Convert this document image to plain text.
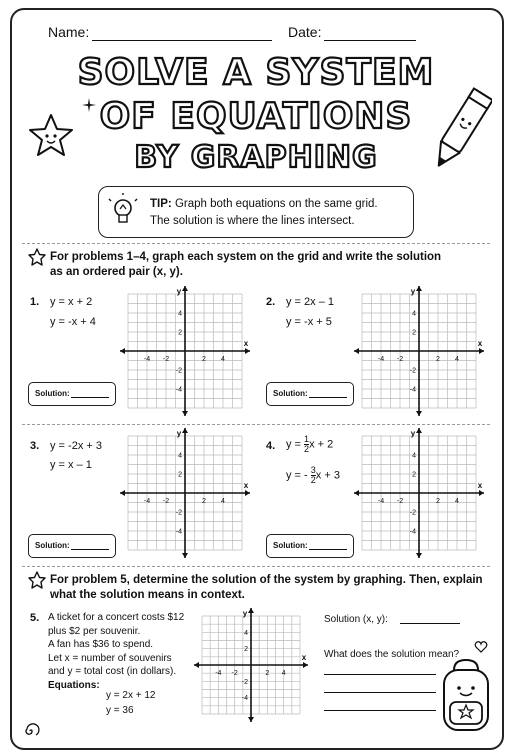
Name:	Date:
SOLVE A SYSTEM
OF EQUATIONS
BY GRAPHING
TIP: Graph both equations on the same grid.
The solution is where the lines intersect.
For problems 1–4, graph each system on the grid and write the solution
as an ordered pair (x, y).
1. y = x + 2
y = -x + 4
Solution:
-4 -2	2 4
4
2
-2
-4
x
y
2. y = 2x – 1
y = -x + 5
Solution:
-4 -2	2 4
4
2
-2
-4
x
y
3. y = -2x + 3
y = x – 1
Solution:
-4 -2	2 4
4
2
-2
-4
x
y
4. $y = \frac{1}{2}x + 2$
y = - $\frac{3}{2}x + 3$
Solution:
-4 -2	2 4
4
2
-2
-4
x
y
For problem 5, determine the solution of the system by graphing. Then, explain
what the solution means in context.
5. A ticket for a concert costs $12
plus $2 per souvenir.
A fan has $36 to spend.
Let x = number of souvenirs
and y = total cost (in dollars).
Equations:
y = 2x + 12
y = 36
-4 -2	2 4
4
2
-2
-4
x
y
Solution (x, y):
What does the solution mean?
